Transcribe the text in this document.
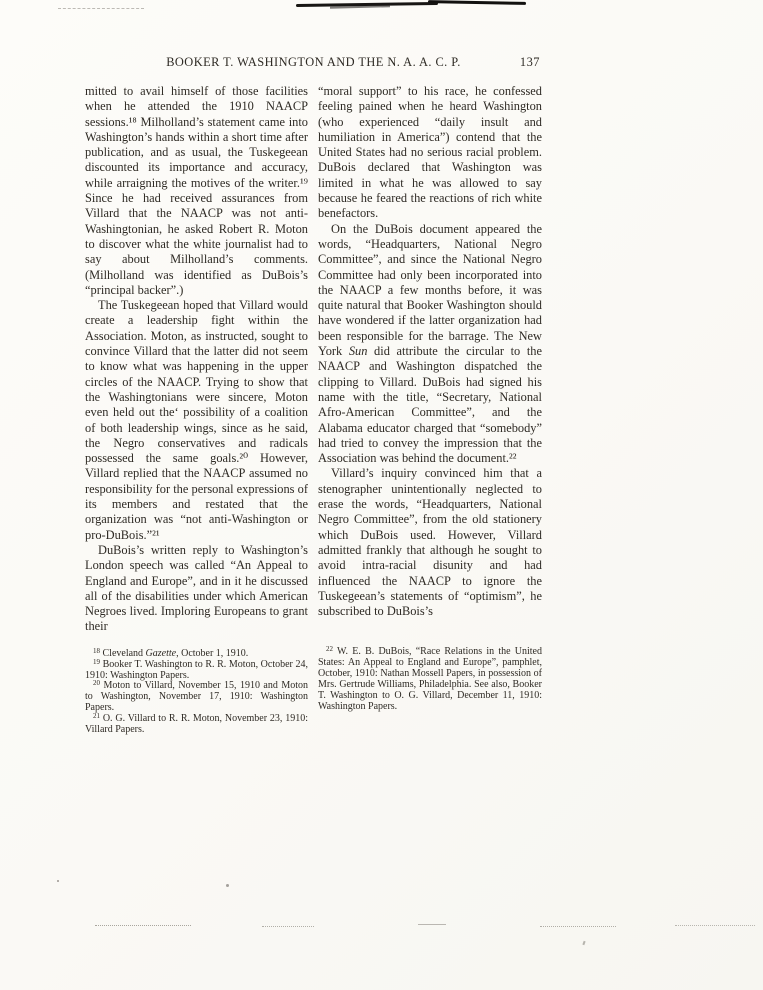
BOOKER T. WASHINGTON AND THE N. A. A. C. P.	137

mitted to avail himself of those facilities when he attended the 1910 NAACP sessions.¹⁸ Milholland’s statement came into Washington’s hands within a short time after publication, and as usual, the Tuskegeean discounted its importance and accuracy, while arraigning the motives of the writer.¹⁹ Since he had received assurances from Villard that the NAACP was not anti-Washingtonian, he asked Robert R. Moton to discover what the white journalist had to say about Milholland’s comments. (Milholland was identified as DuBois’s “principal backer”.)

The Tuskegeean hoped that Villard would create a leadership fight within the Association. Moton, as instructed, sought to convince Villard that the latter did not seem to know what was happening in the upper circles of the NAACP. Trying to show that the Washingtonians were sincere, Moton even held out the‘ possibility of a coalition of both leadership wings, since as he said, the Negro conservatives and radicals possessed the same goals.²⁰ However, Villard replied that the NAACP assumed no responsibility for the personal expressions of its members and restated that the organization was “not anti-Washington or pro-DuBois.”²¹

DuBois’s written reply to Washington’s London speech was called “An Appeal to England and Europe”, and in it he discussed all of the disabilities under which American Negroes lived. Imploring Europeans to grant their

$^{18}$ Cleveland Gazette, October 1, 1910.

$^{19}$ Booker T. Washington to R. R. Moton, October 24, 1910: Washington Papers.

$^{20}$ Moton to Villard, November 15, 1910 and Moton to Washington, November 17, 1910: Washington Papers.

$^{21}$ O. G. Villard to R. R. Moton, November 23, 1910: Villard Papers.

“moral support” to his race, he confessed feeling pained when he heard Washington (who experienced “daily insult and humiliation in America”) contend that the United States had no serious racial problem. DuBois declared that Washington was limited in what he was allowed to say because he feared the reactions of rich white benefactors.

On the DuBois document appeared the words, “Headquarters, National Negro Committee”, and since the National Negro Committee had only been incorporated into the NAACP a few months before, it was quite natural that Booker Washington should have wondered if the latter organization had been responsible for the barrage. The New York Sun did attribute the circular to the NAACP and Washington dispatched the clipping to Villard. DuBois had signed his name with the title, “Secretary, National Afro-American Committee”, and the Alabama educator charged that “somebody” had tried to convey the impression that the Association was behind the document.²²

Villard’s inquiry convinced him that a stenographer unintentionally neglected to erase the words, “Headquarters, National Negro Committee”, from the old stationery which DuBois used. However, Villard admitted frankly that although he sought to avoid intra-racial disunity and had influenced the NAACP to ignore the Tuskegeean’s statements of “optimism”, he subscribed to DuBois’s

$^{22}$ W. E. B. DuBois, “Race Relations in the United States: An Appeal to England and Europe”, pamphlet, October, 1910: Nathan Mossell Papers, in possession of Mrs. Gertrude Williams, Philadelphia. See also, Booker T. Washington to O. G. Villard, December 11, 1910: Washington Papers.
